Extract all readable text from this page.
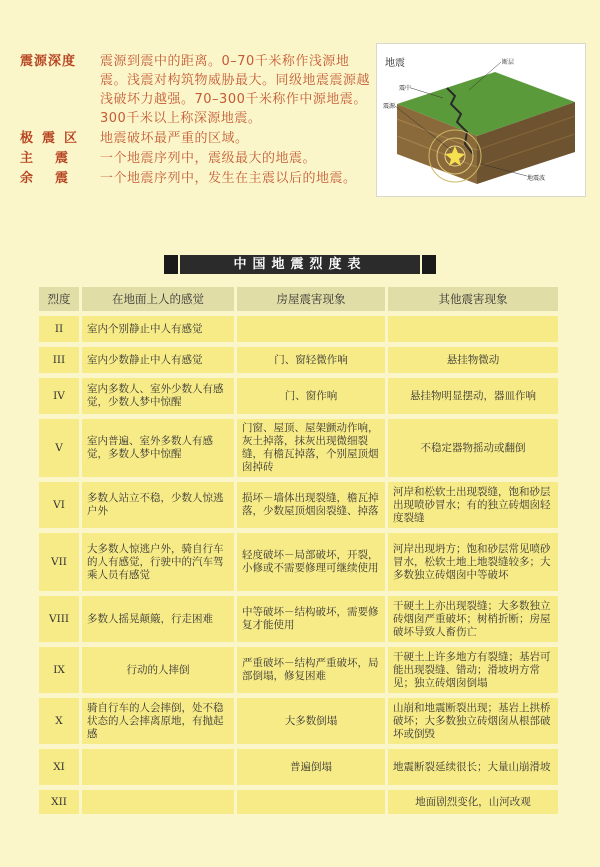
震源深度	震源到震中的距离。0–70千米称作浅源地震。浅震对构筑物威胁最大。同级地震震源越浅破坏力越强。70–300千米称作中源地震。300千米以上称深源地震。
极震区	地震破坏最严重的区域。
主震 一个地震序列中，震级最大的地震。
余震 一个地震序列中，发生在主震以后的地震。
地震	断层
震中
震源
地震波
中国地震烈度表
烈度	在地面上人的感觉	房屋震害现象	其他震害现象
II	室内个别静止中人有感觉		
III	室内少数静止中人有感觉	门、窗轻微作响	悬挂物微动
IV	室内多数人、室外少数人有感觉，少数人梦中惊醒	门、窗作响	悬挂物明显摆动，器皿作响
V	室内普遍、室外多数人有感觉，多数人梦中惊醒	门窗、屋顶、屋架颤动作响，灰土掉落，抹灰出现微细裂缝，有檐瓦掉落，个别屋顶烟囱掉砖	不稳定器物摇动或翻倒
VI	多数人站立不稳，少数人惊逃户外	损坏－墙体出现裂缝，檐瓦掉落，少数屋顶烟囱裂缝、掉落	河岸和松软土出现裂缝，饱和砂层出现喷砂冒水；有的独立砖烟囱轻度裂缝
VII	大多数人惊逃户外，骑自行车的人有感觉，行驶中的汽车驾乘人员有感觉	轻度破坏－局部破坏，开裂，小修或不需要修理可继续使用	河岸出现坍方；饱和砂层常见喷砂冒水，松软土地上地裂缝较多；大多数独立砖烟囱中等破坏
VIII	多数人摇晃颠簸，行走困难	中等破坏－结构破坏，需要修复才能使用	干硬土上亦出现裂缝；大多数独立砖烟囱严重破坏；树梢折断；房屋破坏导致人畜伤亡
IX	行动的人摔倒	严重破坏－结构严重破坏，局部倒塌，修复困难	干硬土上许多地方有裂缝；基岩可能出现裂缝、错动；滑坡坍方常见；独立砖烟囱倒塌
X	骑自行车的人会摔倒，处不稳状态的人会摔离原地，有抛起感	大多数倒塌	山崩和地震断裂出现；基岩上拱桥破坏；大多数独立砖烟囱从根部破坏或倒毁
XI		普遍倒塌	地震断裂延续很长；大量山崩滑坡
XII			地面剧烈变化，山河改观
